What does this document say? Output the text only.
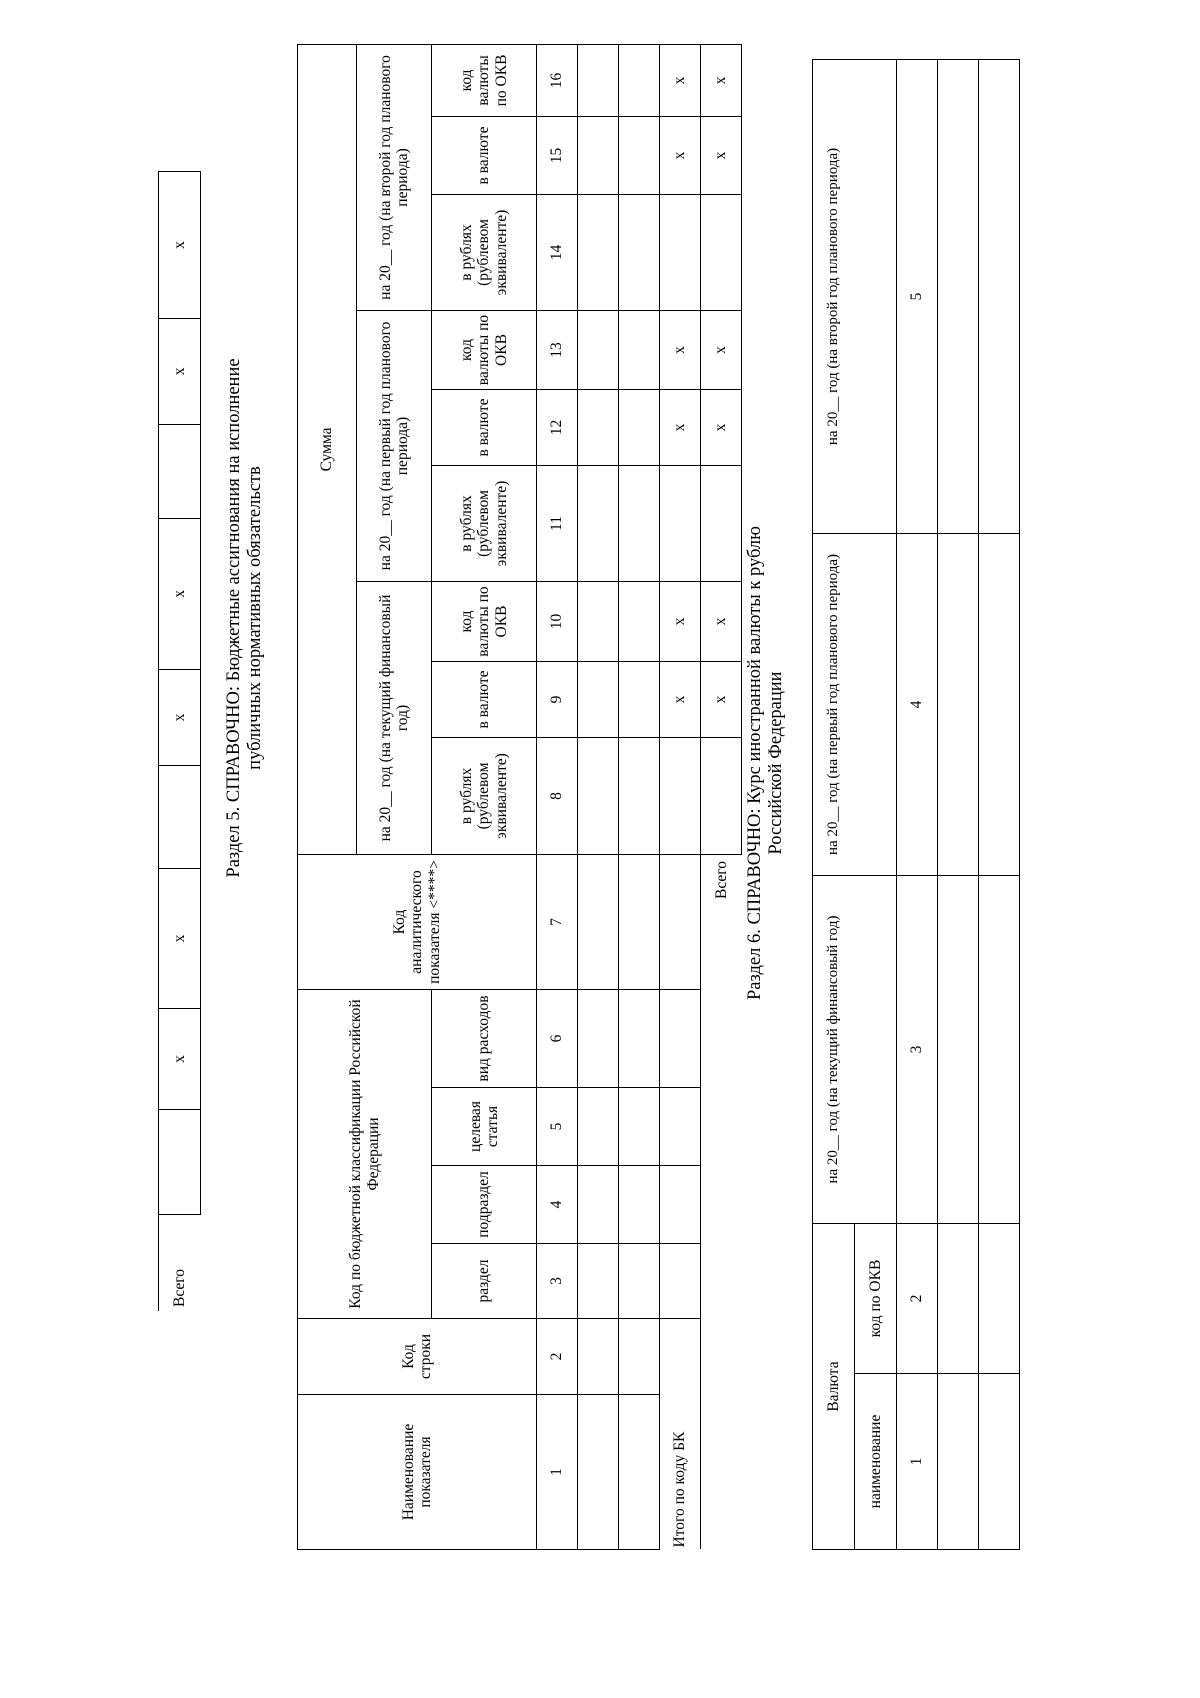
Всего		x	x		x	x		x	x
Раздел 5. СПРАВОЧНО: Бюджетные ассигнования на исполнение публичных нормативных обязательств
Наименование показателя	Код строки	Код по бюджетной классификации Российской Федерации				Код аналитического показателя <****>	Сумма								
							на 20__ год (на текущий финансовый год)			на 20__ год (на первый год планового периода)			на 20__ год (на второй год планового периода)		
		раздел	подраздел	целевая статья	вид расходов		в рублях (рублевом эквиваленте)	в валюте	код валюты по ОКВ	в рублях (рублевом эквиваленте)	в валюте	код валюты по ОКВ	в рублях (рублевом эквиваленте)	в валюте	код валюты по ОКВ
1	2	3	4	5	6	7	8	9	10	11	12	13	14	15	16

Итого по коду БК								x	x		x	x		x	x
						Всего		x	x		x	x		x	x
Раздел 6. СПРАВОЧНО: Курс иностранной валюты к рублю Российской Федерации
Валюта		на 20__ год (на текущий финансовый год)	на 20__ год (на первый год планового периода)	на 20__ год (на второй год планового периода)
наименование	код по ОКВ			
1	2	3	4	5
